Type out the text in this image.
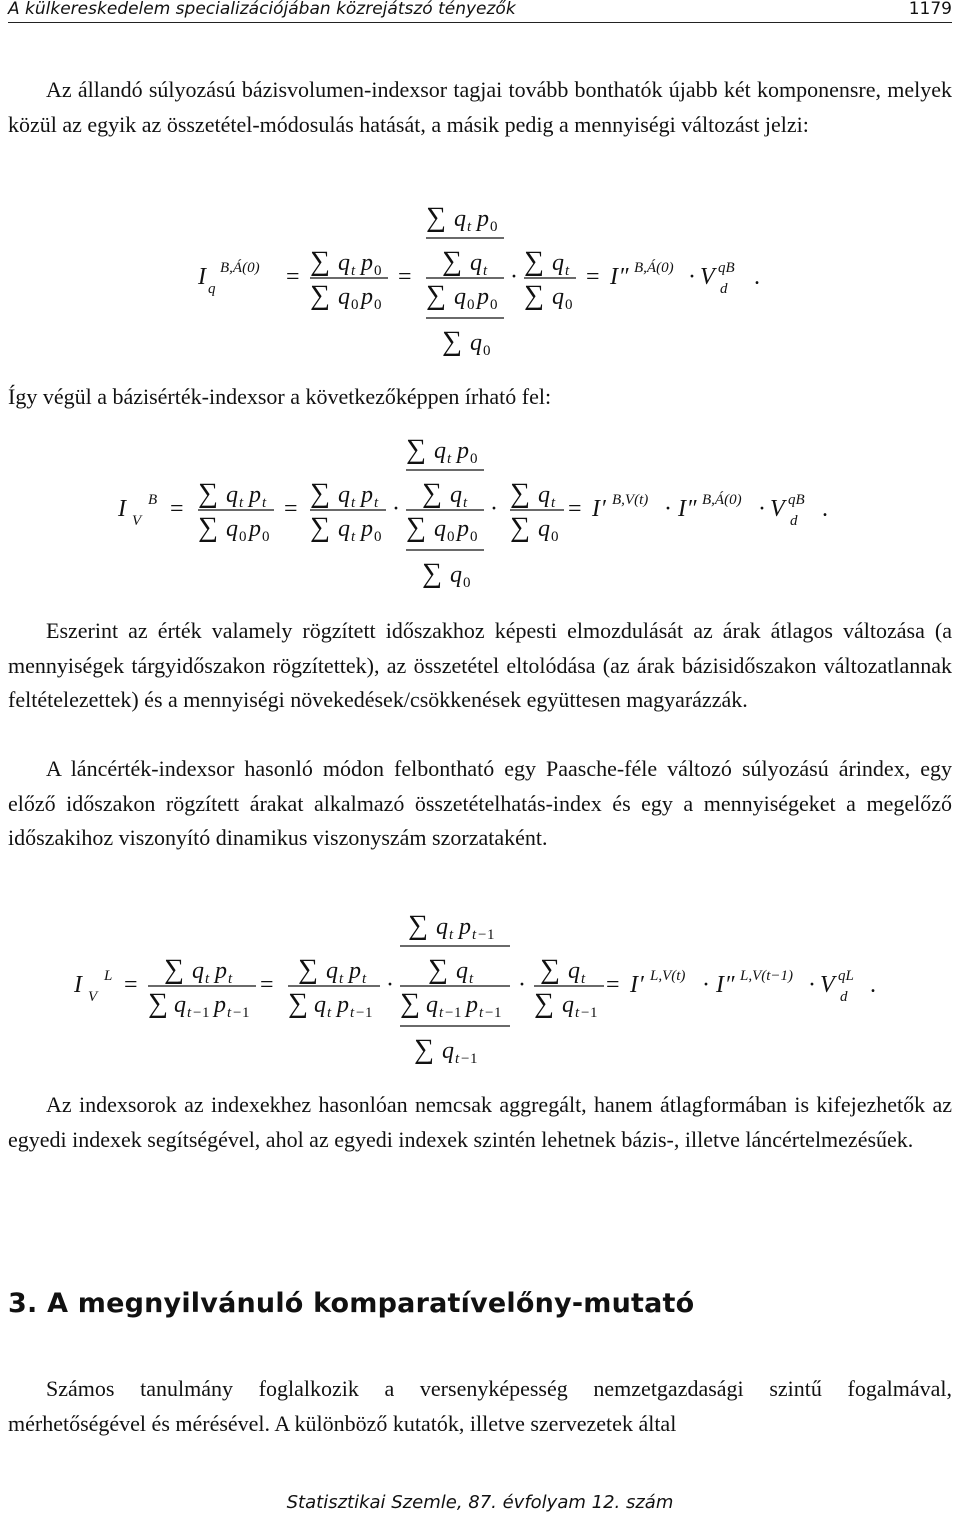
A külkereskedelem specializációjában közrejátszó tényezők	1179

Az állandó súlyozású bázisvolumen-indexsor tagjai tovább bonthatók újabb két komponensre, melyek közül az egyik az összetétel-módosulás hatását, a másik pedig a mennyiségi változást jelzi:

I B,Á(0)
q	= ∑ q t p 0
∑ q 0 p 0
=
∑ q t p 0
∑ q t
∑ q 0 p 0
∑ q 0
· ∑ q t
∑ q 0
= I ″ B,Á(0) · V qB
d .

Így végül a bázisérték-indexsor a következőképpen írható fel:

I B
V = ∑ q t p t
∑ q 0 p 0
= ∑ q t p t
∑ q t p 0
·
∑ q t p 0
∑ q t
∑ q 0 p 0
∑ q 0
· ∑ q t
∑ q 0
= I ′ B,V(t) · I ″ B,Á(0) · V qB
d .

Eszerint az érték valamely rögzített időszakhoz képesti elmozdulását az árak átlagos változása (a mennyiségek tárgyidőszakon rögzítettek), az összetétel eltolódása (az árak bázisidőszakon változatlannak feltételezettek) és a mennyiségi növekedések/csökkenések együttesen magyarázzák.

A láncérték-indexsor hasonló módon felbontható egy Paasche-féle változó súlyozású árindex, egy előző időszakon rögzített árakat alkalmazó összetételhatás-index és egy a mennyiségeket a megelőző időszakihoz viszonyító dinamikus viszonyszám szorzataként.

I L
V = ∑ q t p t
∑ q t − 1 p t − 1
= ∑ q t p t
∑ q t p t − 1
·
∑ q t p t − 1
∑ q t
∑ q t − 1 p t − 1
∑ q t − 1
· ∑ q t
∑ q t − 1
= I ′ L,V(t) · I ″ L,V(t−1) · V qL
d .

Az indexsorok az indexekhez hasonlóan nemcsak aggregált, hanem átlagformában is kifejezhetők az egyedi indexek segítségével, ahol az egyedi indexek szintén lehetnek bázis-, illetve láncértelmezésűek.

3. A megnyilvánuló komparatívelőny-mutató

Számos tanulmány foglalkozik a versenyképesség nemzetgazdasági szintű fogalmával, mérhetőségével és mérésével. A különböző kutatók, illetve szervezetek által

Statisztikai Szemle, 87. évfolyam 12. szám
